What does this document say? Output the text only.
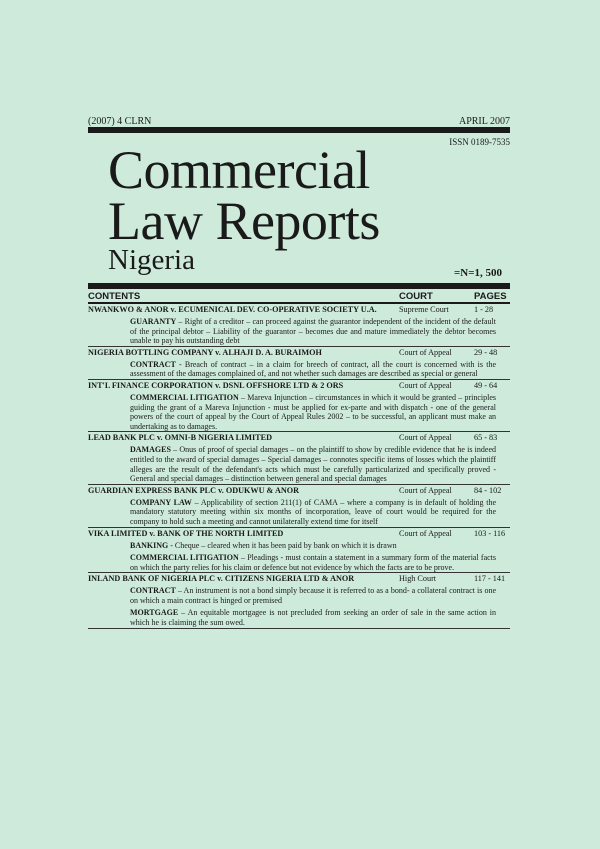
(2007) 4 CLRN	APRIL 2007
ISSN 0189-7535
Commercial
Law Reports
Nigeria	=N=1, 500
CONTENTS	COURT	PAGES
NWANKWO & ANOR v. ECUMENICAL DEV. CO-OPERATIVE SOCIETY U.A.	Supreme Court	1 - 28
GUARANTY – Right of a creditor – can proceed against the guarantor independent of the incident of the default of the principal debtor – Liability of the guarantor – becomes due and mature immediately the debtor becomes unable to pay his outstanding debt
NIGERIA BOTTLING COMPANY v. ALHAJI D. A. BURAIMOH	Court of Appeal	29 - 48
CONTRACT - Breach of contract – in a claim for breech of contract, all the court is concerned with is the assessment of the damages complained of, and not whether such damages are described as special or general
INT'L FINANCE CORPORATION v. DSNL OFFSHORE LTD & 2 ORS	Court of Appeal	49 - 64
COMMERCIAL LITIGATION – Mareva Injunction – circumstances in which it would be granted – principles guiding the grant of a Mareva Injunction - must be applied for ex-parte and with dispatch - one of the general powers of the court of appeal by the Court of Appeal Rules 2002 – to be successful, an applicant must make an undertaking as to damages.
LEAD BANK PLC v. OMNI-B NIGERIA LIMITED	Court of Appeal	65 - 83
DAMAGES – Onus of proof of special damages – on the plaintiff to show by credible evidence that he is indeed entitled to the award of special damages – Special damages – connotes specific items of losses which the plaintiff alleges are the result of the defendant's acts which must be carefully particularized and specifically proved - General and special damages – distinction between general and special damages
GUARDIAN EXPRESS BANK PLC v. ODUKWU & ANOR	Court of Appeal	84 - 102
COMPANY LAW – Applicability of section 211(1) of CAMA – where a company is in default of holding the mandatory statutory meeting within six months of incorporation, leave of court would be required for the company to hold such a meeting and cannot unilaterally extend time for itself
VIKA LIMITED v. BANK OF THE NORTH LIMITED	Court of Appeal	103 - 116
BANKING - Cheque – cleared when it has been paid by bank on which it is drawn
COMMERCIAL LITIGATION – Pleadings - must contain a statement in a summary form of the material facts on which the party relies for his claim or defence but not evidence by which the facts are to be prove.
INLAND BANK OF NIGERIA PLC v. CITIZENS NIGERIA LTD & ANOR	High Court	117 - 141
CONTRACT – An instrument is not a bond simply because it is referred to as a bond- a collateral contract is one on which a main contract is hinged or premised
MORTGAGE – An equitable mortgagee is not precluded from seeking an order of sale in the same action in which he is claiming the sum owed.
